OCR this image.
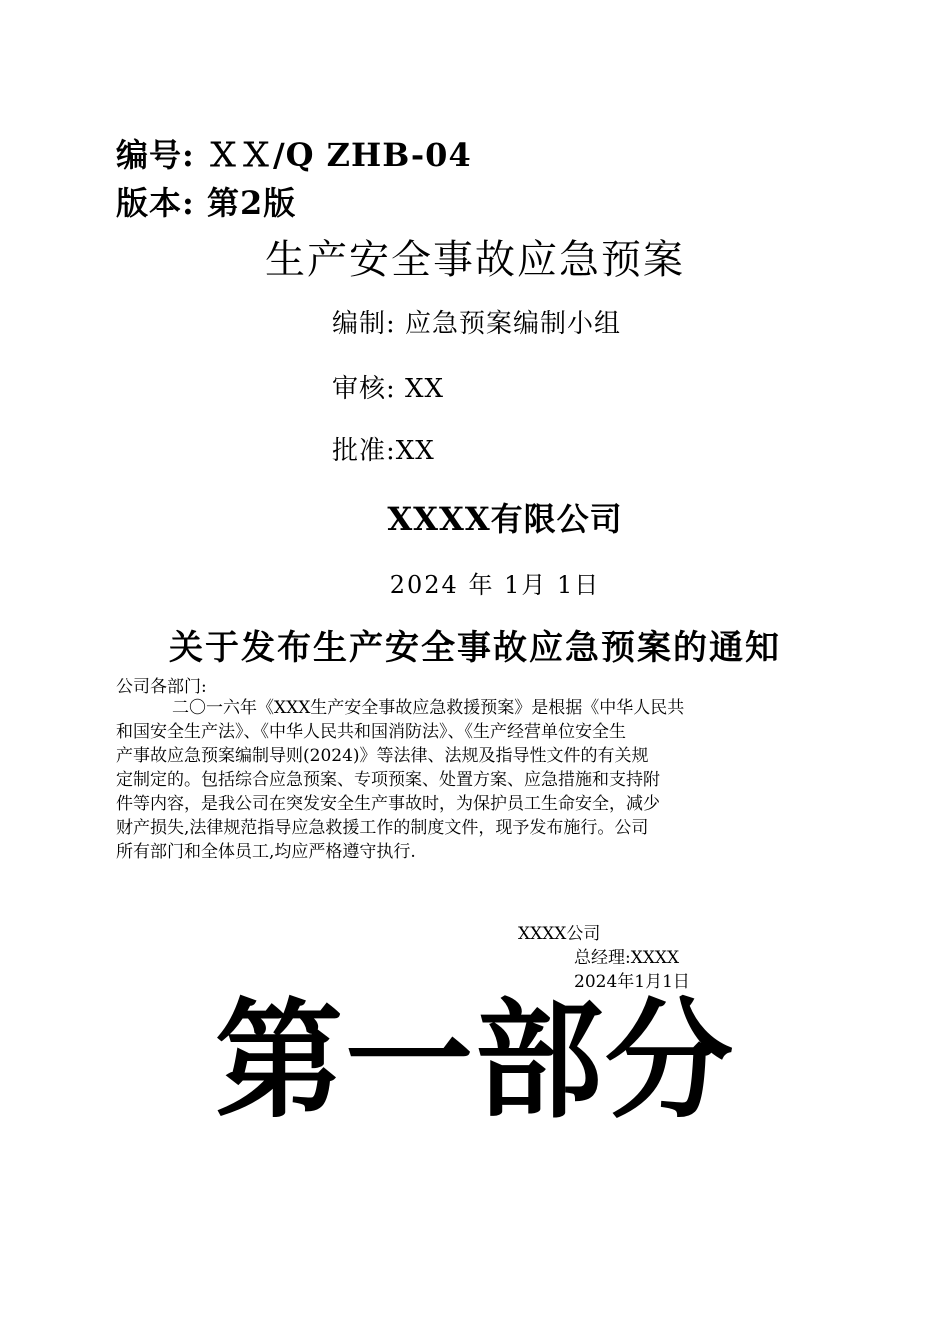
编号: ＸＸ/Q ZHB-04
版本: 第2版
生产安全事故应急预案
编制: 应急预案编制小组
审核: XX
批准:XX
XXXX有限公司
2024 年 1月 1日
关于发布生产安全事故应急预案的通知
公司各部门:
二〇一六年《XXX生产安全事故应急救援预案》是根据《中华人民共
和国安全生产法》、《中华人民共和国消防法》、《生产经营单位安全生
产事故应急预案编制导则(2024)》等法律、法规及指导性文件的有关规
定制定的。包括综合应急预案、专项预案、处置方案、应急措施和支持附
件等内容，是我公司在突发安全生产事故时，为保护员工生命安全，减少
财产损失,法律规范指导应急救援工作的制度文件，现予发布施行。公司
所有部门和全体员工,均应严格遵守执行.
XXXX公司
总经理:XXXX
2024年1月1日
第一部分
